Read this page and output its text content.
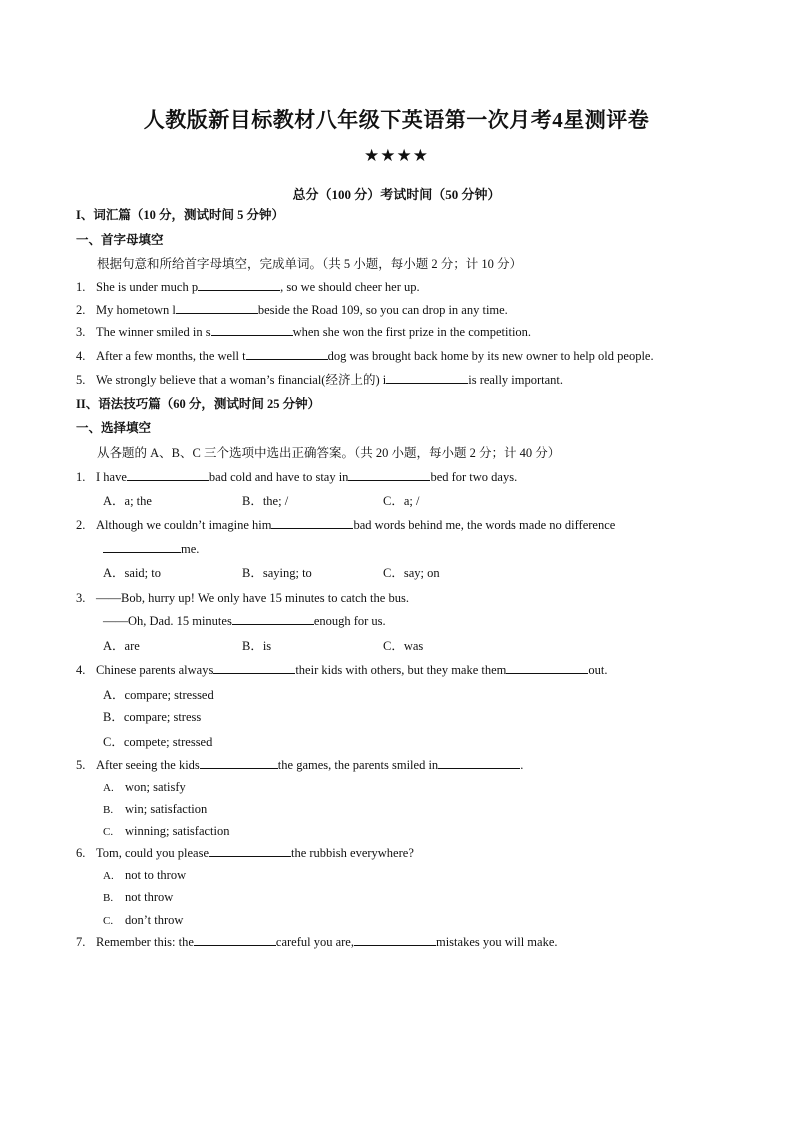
人教版新目标教材八年级下英语第一次月考4星测评卷
★★★★
总分（100 分）考试时间（50 分钟）
I、词汇篇（10 分，测试时间 5 分钟）
一、首字母填空
根据句意和所给首字母填空，完成单词。（共 5 小题，每小题 2 分；计 10 分）
1. She is under much p	, so we should cheer her up.
2. My hometown l	beside the Road 109, so you can drop in any time.
3. The winner smiled in s	when she won the first prize in the competition.
4. After a few months, the well t	dog was brought back home by its new owner to help old people.
5. We strongly believe that a woman’s financial(经济上的) i	is really important.
II、语法技巧篇（60 分，测试时间 25 分钟）
一、选择填空
从各题的 A、B、C 三个选项中选出正确答案。（共 20 小题，每小题 2 分；计 40 分）
1. I have	bad cold and have to stay in	bed for two days.
A．a; the	B．the; /	C．a; /
2. Although we couldn’t imagine him	bad words behind me, the words made no difference
me.
A．said; to	B．saying; to	C．say; on
3. ——Bob, hurry up! We only have 15 minutes to catch the bus.
——Oh, Dad. 15 minutes	enough for us.
A．are	B．is	C．was
4. Chinese parents always	their kids with others, but they make them	out.
A．compare; stressed
B．compare; stress
C．compete; stressed
5. After seeing the kids	the games, the parents smiled in	.
A. won; satisfy
B. win; satisfaction
C. winning; satisfaction
6. Tom, could you please	the rubbish everywhere?
A. not to throw
B. not throw
C. don’t throw
7. Remember this: the	careful you are,	mistakes you will make.
